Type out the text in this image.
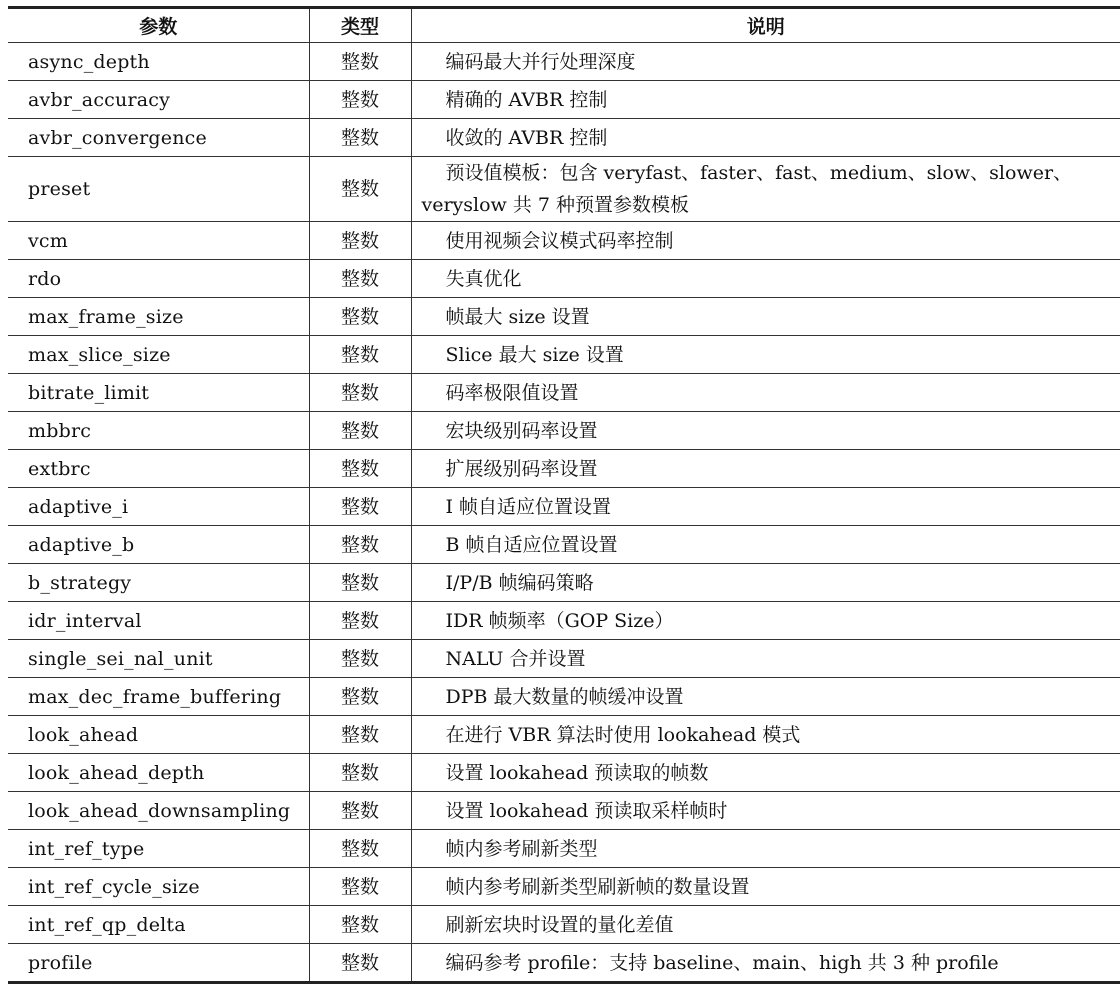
参数	类型	说明
async_depth	整数	编码最大并行处理深度
avbr_accuracy	整数	精确的 AVBR 控制
avbr_convergence	整数	收敛的 AVBR 控制
preset	整数	预设值模板：包含 veryfast、faster、fast、medium、slow、slower、veryslow 共 7 种预置参数模板
vcm	整数	使用视频会议模式码率控制
rdo	整数	失真优化
max_frame_size	整数	帧最大 size 设置
max_slice_size	整数	Slice 最大 size 设置
bitrate_limit	整数	码率极限值设置
mbbrc	整数	宏块级别码率设置
extbrc	整数	扩展级别码率设置
adaptive_i	整数	I 帧自适应位置设置
adaptive_b	整数	B 帧自适应位置设置
b_strategy	整数	I/P/B 帧编码策略
idr_interval	整数	IDR 帧频率（GOP Size）
single_sei_nal_unit	整数	NALU 合并设置
max_dec_frame_buffering	整数	DPB 最大数量的帧缓冲设置
look_ahead	整数	在进行 VBR 算法时使用 lookahead 模式
look_ahead_depth	整数	设置 lookahead 预读取的帧数
look_ahead_downsampling	整数	设置 lookahead 预读取采样帧时
int_ref_type	整数	帧内参考刷新类型
int_ref_cycle_size	整数	帧内参考刷新类型刷新帧的数量设置
int_ref_qp_delta	整数	刷新宏块时设置的量化差值
profile	整数	编码参考 profile：支持 baseline、main、high 共 3 种 profile
